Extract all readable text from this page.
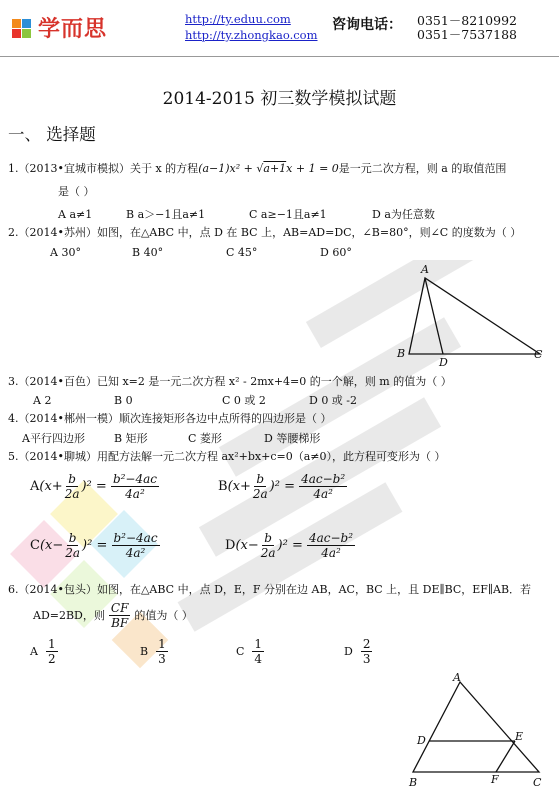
学而思	http://ty.eduu.com
http://ty.zhongkao.com
咨询电话： 0351－8210992
0351－7537188
2014-2015 初三数学模拟试题
一、 选择题
1.（2013•宜城市模拟）关于 x 的方程(a−1)x² + √a+1x + 1 = 0是一元二次方程，则 a 的取值范围
是（ ）
A a≠1	B a＞−1且a≠1	C a≥−1且a≠1	D a为任意数
2.（2014•苏州）如图，在△ABC 中，点 D 在 BC 上，AB=AD=DC，∠B=80°，则∠C 的度数为（ ）
A 30°	B 40°	C 45°	D 60°
A
B
D
C
3.（2014•百色）已知 x=2 是一元二次方程 x² - 2mx+4=0 的一个解，则 m 的值为（ ）
A 2	B 0	C 0 或 2	D 0 或 -2
4.（2014•郴州一模）顺次连接矩形各边中点所得的四边形是（ ）
A平行四边形	B 矩形	C 菱形	D 等腰梯形
5.（2014•聊城）用配方法解一元二次方程 ax²+bx+c=0（a≠0），此方程可变形为（ ）
$A(x+ \frac{b}{2a} )^2 = \frac{\text{b²−4ac}}{\text{4a²}}$	$B(x+ \frac{b}{2a} )^2 = \frac{\text{4ac−b²}}{\text{4a²}}$
$C(x- \frac{b}{2a} )^2 = \frac{\text{b²−4ac}}{\text{4a²}}$	$D(x- \frac{b}{2a} )^2 = \frac{\text{4ac−b²}}{\text{4a²}}$
6.（2014•包头）如图，在△ABC 中，点 D，E，F 分别在边 AB，AC，BC 上，且 DE∥BC，EF∥AB．若
AD=2BD，则 $\frac{CF}{BF}$ 的值为（ ）
A $\frac{1}{2}$	B $\frac{1}{3}$	C $\frac{1}{4}$	D $\frac{2}{3}$
A
D	E
B	F	C
